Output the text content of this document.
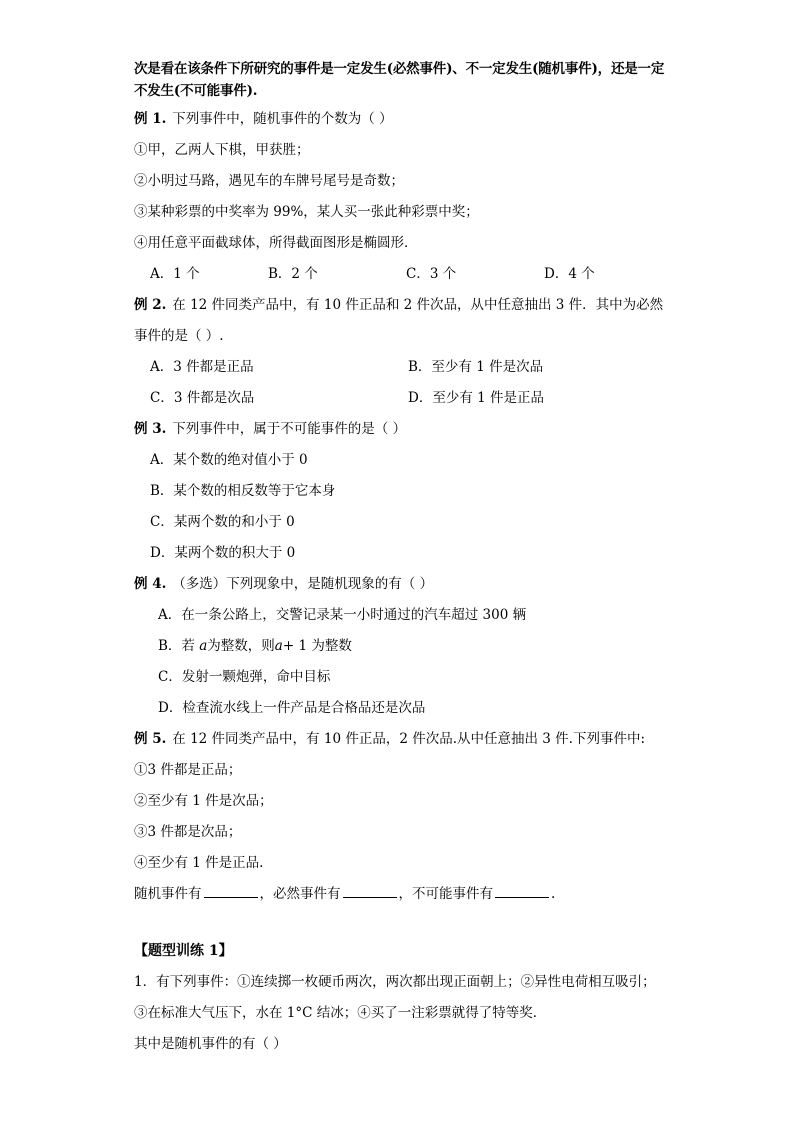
次是看在该条件下所研究的事件是一定发生(必然事件)、不一定发生(随机事件)，还是一定不发生(不可能事件).
例 1. 下列事件中，随机事件的个数为（ ）
①甲，乙两人下棋，甲获胜；
②小明过马路，遇见车的车牌号尾号是奇数；
③某种彩票的中奖率为 99%，某人买一张此种彩票中奖；
④用任意平面截球体，所得截面图形是椭圆形．
A．1 个	B．2 个	C．3 个	D．4 个
例 2. 在 12 件同类产品中，有 10 件正品和 2 件次品，从中任意抽出 3 件．其中为必然
事件的是（ ）.
A．3 件都是正品	B．至少有 1 件是次品
C．3 件都是次品	D．至少有 1 件是正品
例 3. 下列事件中，属于不可能事件的是（ ）
A．某个数的绝对值小于 0
B．某个数的相反数等于它本身
C．某两个数的和小于 0
D．某两个数的积大于 0
例 4. （多选）下列现象中，是随机现象的有（ ）
A．在一条公路上，交警记录某一小时通过的汽车超过 300 辆
B．若 a为整数，则a+ 1 为整数
C．发射一颗炮弹，命中目标
D．检查流水线上一件产品是合格品还是次品
例 5. 在 12 件同类产品中，有 10 件正品，2 件次品.从中任意抽出 3 件.下列事件中:
①3 件都是正品；
②至少有 1 件是次品；
③3 件都是次品；
④至少有 1 件是正品.
随机事件有	，必然事件有	，不可能事件有	.
【题型训练 1】
1．有下列事件：①连续掷一枚硬币两次，两次都出现正面朝上；②异性电荷相互吸引；
③在标准大气压下，水在 1°C 结冰；④买了一注彩票就得了特等奖．
其中是随机事件的有（ ）
